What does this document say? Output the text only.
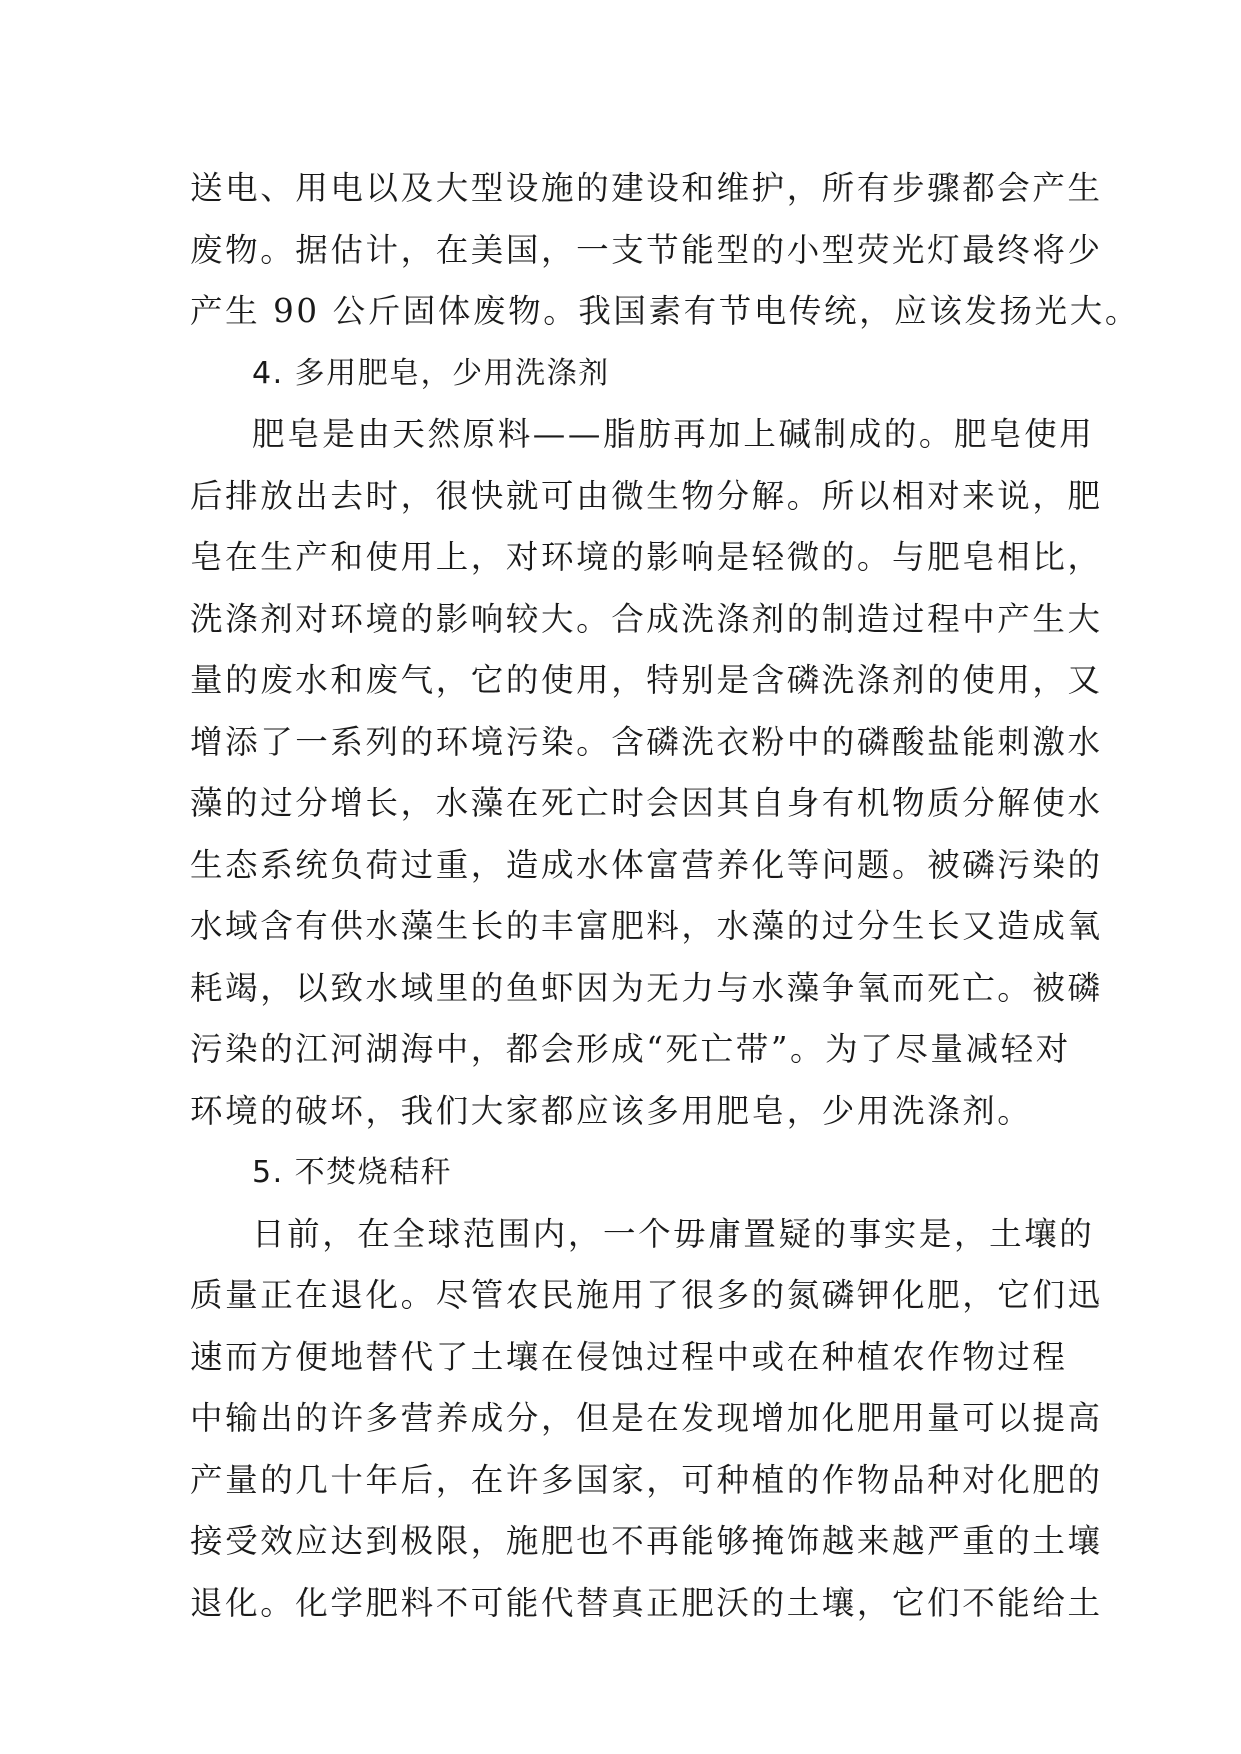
送电、用电以及大型设施的建设和维护，所有步骤都会产生
废物。据估计，在美国，一支节能型的小型荧光灯最终将少
产生 90 公斤固体废物。我国素有节电传统，应该发扬光大。
4. 多用肥皂，少用洗涤剂
肥皂是由天然原料——脂肪再加上碱制成的。肥皂使用
后排放出去时，很快就可由微生物分解。所以相对来说，肥
皂在生产和使用上，对环境的影响是轻微的。与肥皂相比，
洗涤剂对环境的影响较大。合成洗涤剂的制造过程中产生大
量的废水和废气，它的使用，特别是含磷洗涤剂的使用，又
增添了一系列的环境污染。含磷洗衣粉中的磷酸盐能刺激水
藻的过分增长，水藻在死亡时会因其自身有机物质分解使水
生态系统负荷过重，造成水体富营养化等问题。被磷污染的
水域含有供水藻生长的丰富肥料，水藻的过分生长又造成氧
耗竭，以致水域里的鱼虾因为无力与水藻争氧而死亡。被磷
污染的江河湖海中，都会形成“死亡带”。为了尽量减轻对
环境的破坏，我们大家都应该多用肥皂，少用洗涤剂。
5. 不焚烧秸秆
日前，在全球范围内，一个毋庸置疑的事实是，土壤的
质量正在退化。尽管农民施用了很多的氮磷钾化肥，它们迅
速而方便地替代了土壤在侵蚀过程中或在种植农作物过程
中输出的许多营养成分，但是在发现增加化肥用量可以提高
产量的几十年后，在许多国家，可种植的作物品种对化肥的
接受效应达到极限，施肥也不再能够掩饰越来越严重的土壤
退化。化学肥料不可能代替真正肥沃的土壤，它们不能给土
